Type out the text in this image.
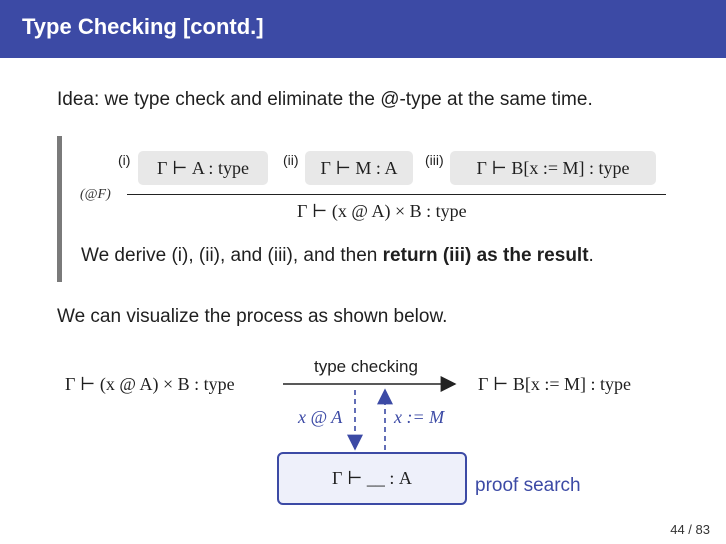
Type Checking [contd.]
Idea: we type check and eliminate the @-type at the same time.
(i)	Γ ⊢ A : type	(ii)	Γ ⊢ M : A	(iii)	Γ ⊢ B[x := M] : type
(@F)
Γ ⊢ (x @ A) × B : type
We derive (i), (ii), and (iii), and then return (iii) as the result.
We can visualize the process as shown below.
Γ ⊢ (x @ A) × B : type
type checking
Γ ⊢ B[x := M] : type
x @ A	x := M
Γ ⊢ __ : A	proof search
44 / 83
